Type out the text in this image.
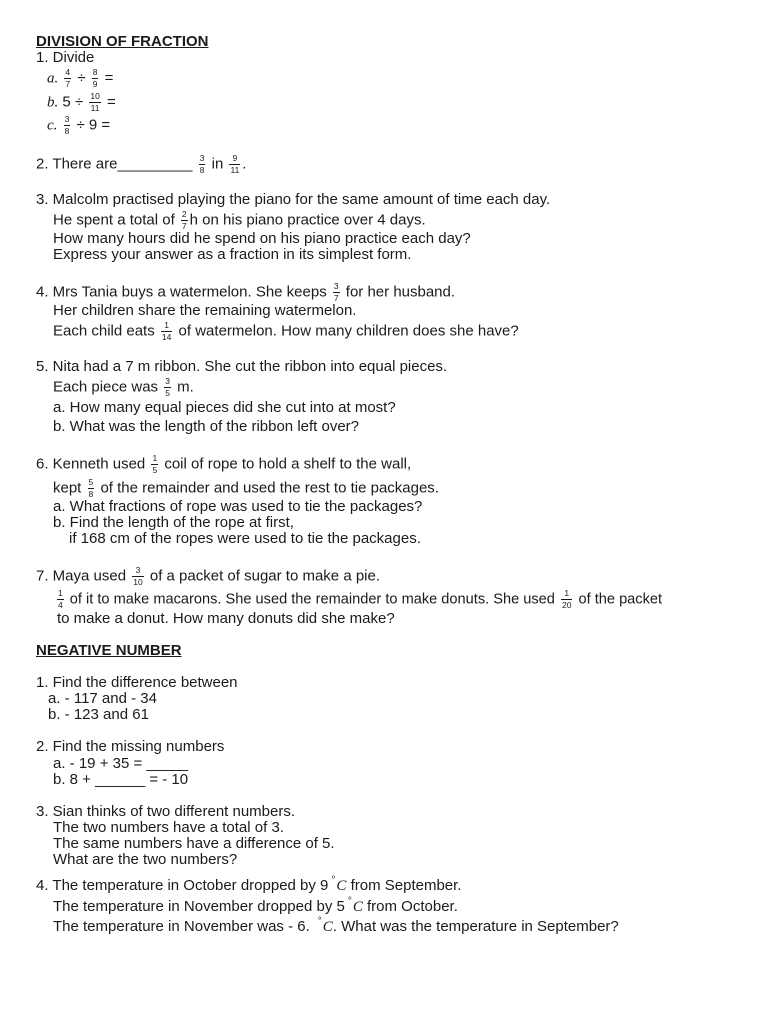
DIVISION OF FRACTION
1. Divide
a. $\frac{4}{7} \div \frac{8}{9}$ =
b. $5 \div \frac{10}{11}$ =
c. $\frac{3}{8} \div 9$ =
2. There are_________ $\frac{3}{8}$ in $\frac{9}{11}$ .
3. Malcolm practised playing the piano for the same amount of time each day.
He spent a total of $\frac{2}{7}$ h on his piano practice over 4 days.
How many hours did he spend on his piano practice each day?
Express your answer as a fraction in its simplest form.
4. Mrs Tania buys a watermelon. She keeps $\frac{3}{7}$ for her husband.
Her children share the remaining watermelon.
Each child eats $\frac{1}{14}$ of watermelon. How many children does she have?
5. Nita had a 7 m ribbon. She cut the ribbon into equal pieces.
Each piece was $\frac{3}{5} m$.
a. How many equal pieces did she cut into at most?
b. What was the length of the ribbon left over?
6. Kenneth used $\frac{1}{5}$ coil of rope to hold a shelf to the wall,
kept $\frac{5}{8}$ of the remainder and used the rest to tie packages.
a. What fractions of rope was used to tie the packages?
b. Find the length of the rope at first,
if 168 cm of the ropes were used to tie the packages.
7. Maya used $\frac{3}{10}$ of a packet of sugar to make a pie.
$\frac{1}{4}$ of it to make macarons. She used the remainder to make donuts. She used $\frac{1}{20}$ of the packet
to make a donut. How many donuts did she make?
NEGATIVE NUMBER
1. Find the difference between
a. - 117 and - 34
b. - 123 and 61
2. Find the missing numbers
a. - 19 + 35 = _____
b. 8 + ______ = - 10
3. Sian thinks of two different numbers.
The two numbers have a total of 3.
The same numbers have a difference of 5.
What are the two numbers?
4. The temperature in October dropped by 9 °C from September.
The temperature in November dropped by 5 °C from October.
The temperature in November was - 6. °C. What was the temperature in September?
